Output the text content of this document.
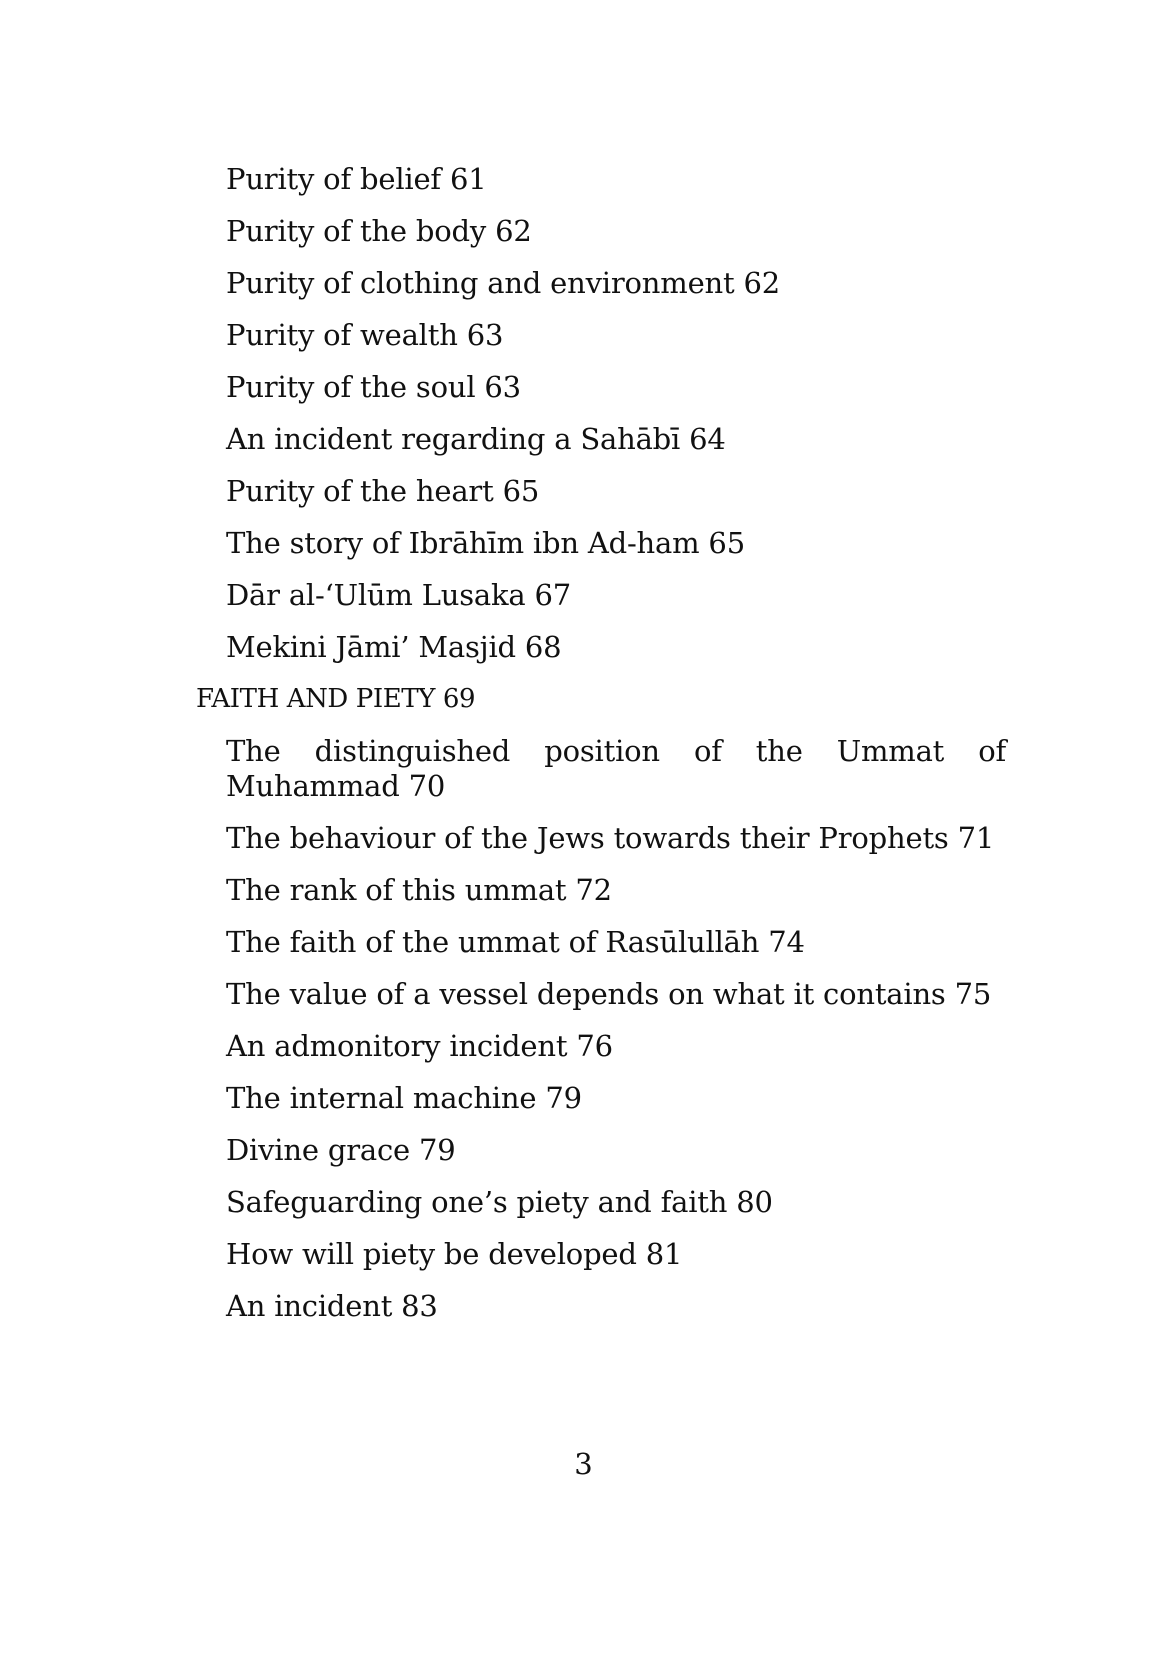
Purity of belief 61
Purity of the body 62
Purity of clothing and environment 62
Purity of wealth 63
Purity of the soul 63
An incident regarding a Sahābī 64
Purity of the heart 65
The story of Ibrāhīm ibn Ad-ham 65
Dār al-‘Ulūm Lusaka 67
Mekini Jāmi’ Masjid 68
FAITH AND PIETY 69
The distinguished position of the Ummat of Muhammad 70
The behaviour of the Jews towards their Prophets 71
The rank of this ummat 72
The faith of the ummat of Rasūlullāh 74
The value of a vessel depends on what it contains 75
An admonitory incident 76
The internal machine 79
Divine grace 79
Safeguarding one’s piety and faith 80
How will piety be developed 81
An incident 83
3
